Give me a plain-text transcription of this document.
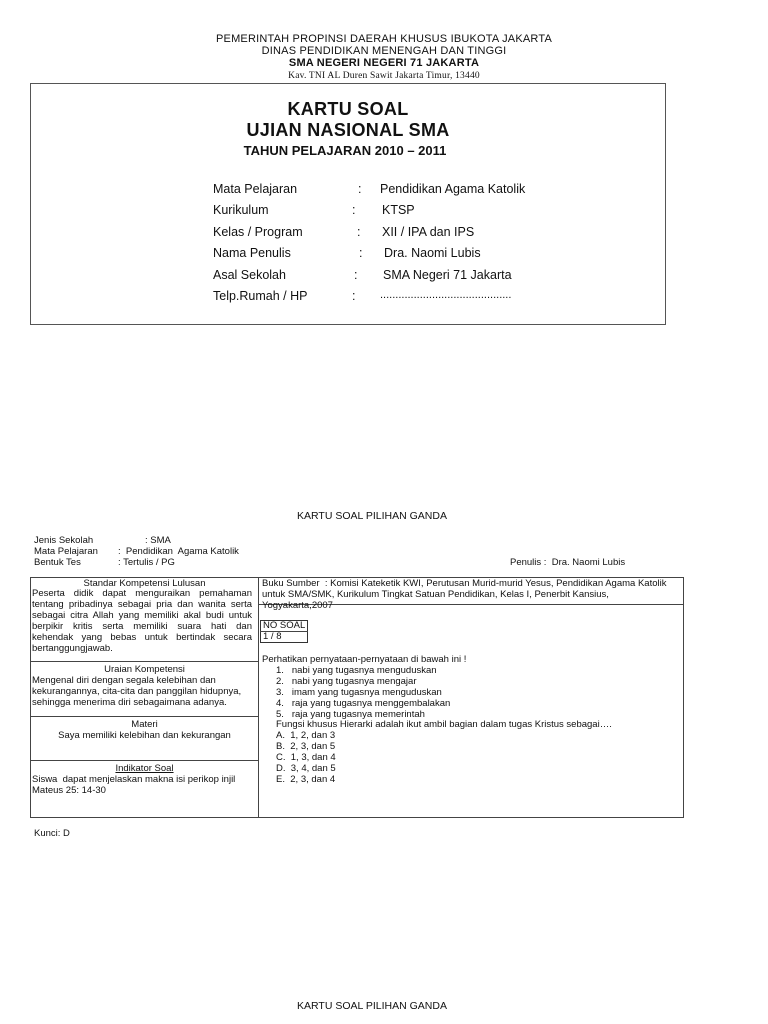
PEMERINTAH PROPINSI DAERAH KHUSUS IBUKOTA JAKARTA
DINAS PENDIDIKAN MENENGAH DAN TINGGI
SMA NEGERI NEGERI 71 JAKARTA
Kav. TNI AL Duren Sawit Jakarta Timur, 13440
KARTU SOAL
UJIAN NASIONAL SMA
TAHUN PELAJARAN 2010 – 2011
Mata Pelajaran	: Pendidikan Agama Katolik
Kurikulum	: KTSP
Kelas / Program	: XII / IPA dan IPS
Nama Penulis	: Dra. Naomi Lubis
Asal Sekolah	: SMA Negeri 71 Jakarta
Telp.Rumah / HP	: ...........................................
KARTU SOAL PILIHAN GANDA
Jenis Sekolah	: SMA
Mata Pelajaran :  Pendidikan  Agama Katolik
Bentuk Tes	: Tertulis / PG	Penulis :  Dra. Naomi Lubis
Standar Kompetensi Lulusan
Peserta didik dapat menguraikan pemahaman tentang pribadinya sebagai pria dan wanita serta sebagai citra Allah yang memiliki akal budi untuk berpikir kritis serta memiliki suara hati dan kehendak yang bebas untuk bertindak secara bertanggungjawab.
Uraian Kompetensi
Mengenal diri dengan segala kelebihan dan kekurangannya, cita-cita dan panggilan hidupnya, sehingga menerima diri sebagaimana adanya.
Materi
Saya memiliki kelebihan dan kekurangan
Indikator Soal
Siswa  dapat menjelaskan makna isi perikop injil
Mateus 25: 14-30
Buku Sumber  : Komisi Kateketik KWI, Perutusan Murid-murid Yesus, Pendidikan Agama Katolik untuk SMA/SMK, Kurikulum Tingkat Satuan Pendidikan, Kelas I, Penerbit Kansius, Yogyakarta,2007
NO SOAL
1 / 8
Perhatikan pernyataan-pernyataan di bawah ini !
1.   nabi yang tugasnya menguduskan
2.   nabi yang tugasnya mengajar
3.   imam yang tugasnya menguduskan
4.   raja yang tugasnya menggembalakan
5.   raja yang tugasnya memerintah
Fungsi khusus Hierarki adalah ikut ambil bagian dalam tugas Kristus sebagai….
A.  1, 2, dan 3
B.  2, 3, dan 5
C.  1, 3, dan 4
D.  3, 4, dan 5
E.  2, 3, dan 4
Kunci: D
KARTU SOAL PILIHAN GANDA
